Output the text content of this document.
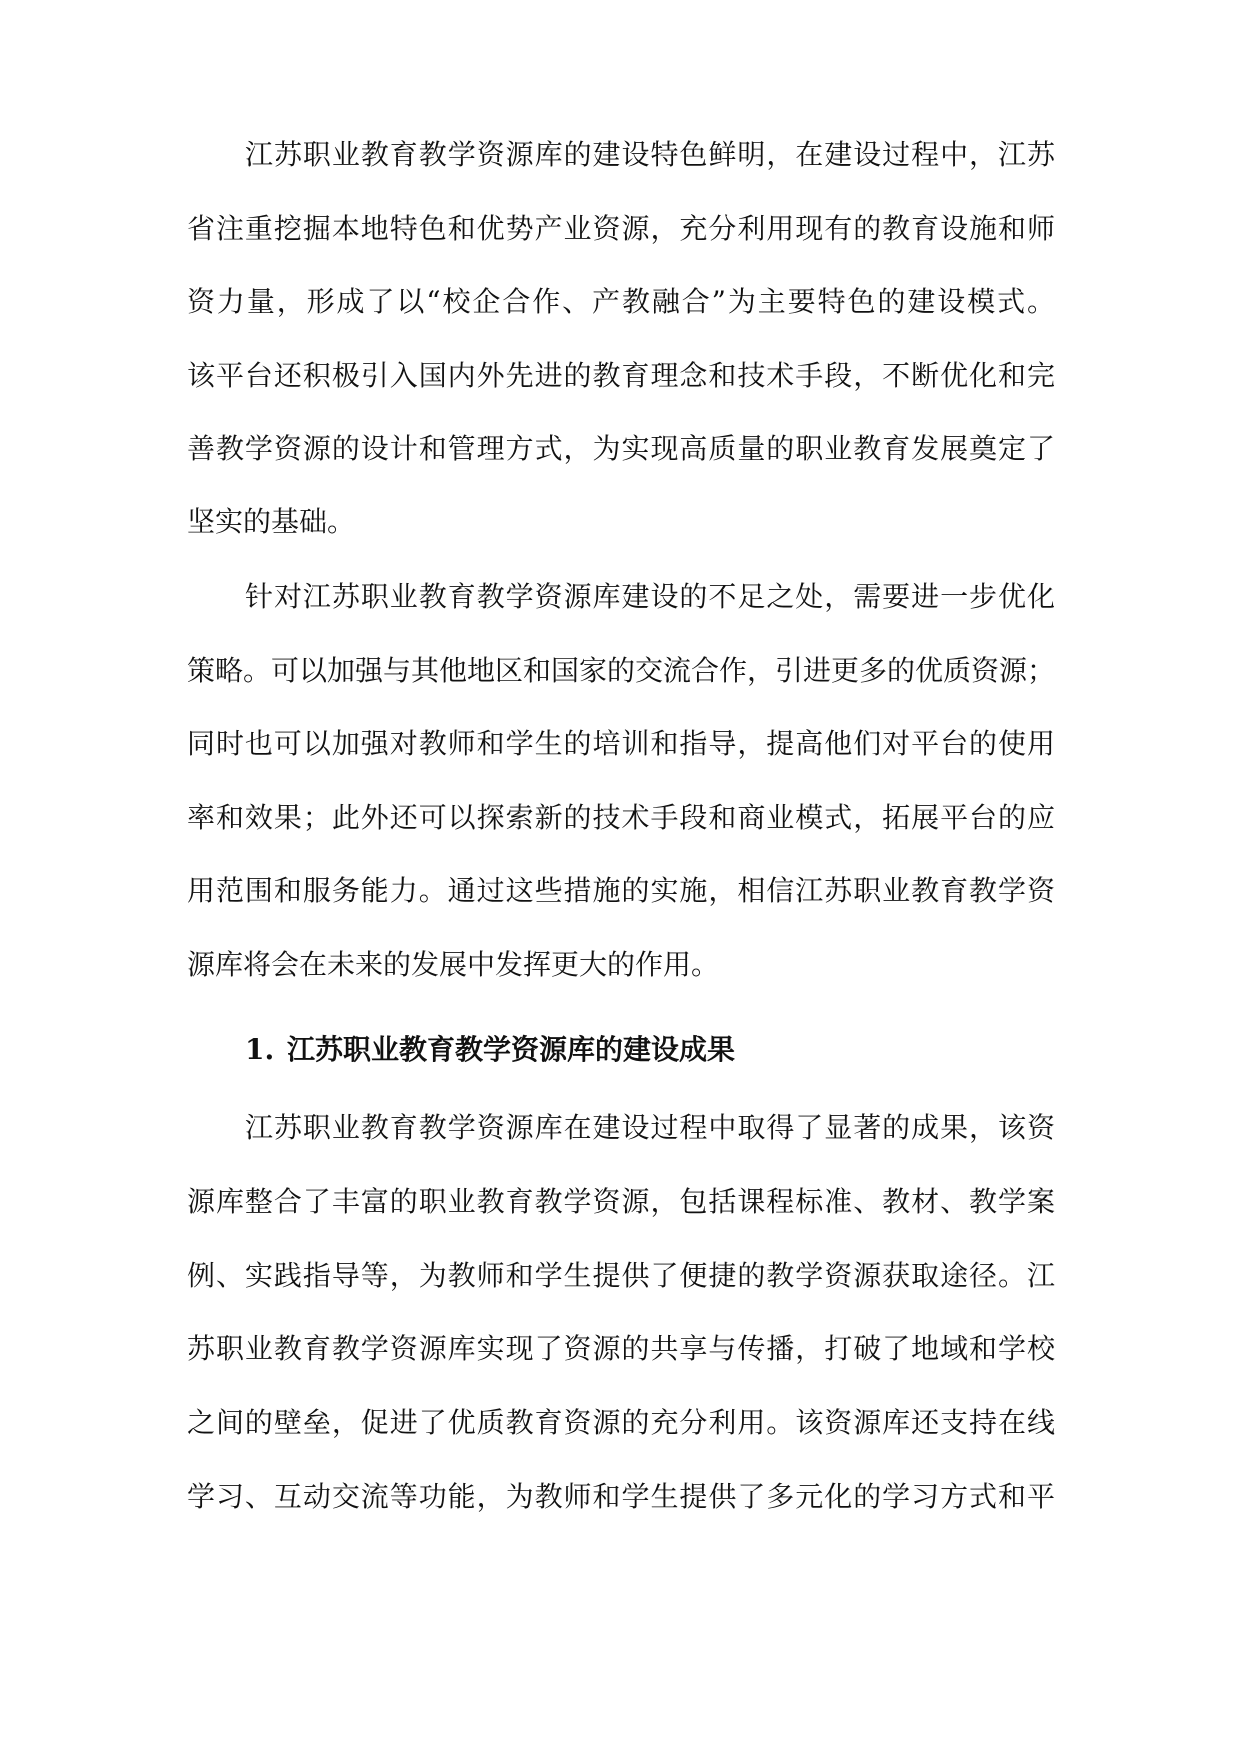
江苏职业教育教学资源库的建设特色鲜明，在建设过程中，江苏
省注重挖掘本地特色和优势产业资源，充分利用现有的教育设施和师
资力量，形成了以“校企合作、产教融合”为主要特色的建设模式。
该平台还积极引入国内外先进的教育理念和技术手段，不断优化和完
善教学资源的设计和管理方式，为实现高质量的职业教育发展奠定了
坚实的基础。
针对江苏职业教育教学资源库建设的不足之处，需要进一步优化
策略。可以加强与其他地区和国家的交流合作，引进更多的优质资源；
同时也可以加强对教师和学生的培训和指导，提高他们对平台的使用
率和效果；此外还可以探索新的技术手段和商业模式，拓展平台的应
用范围和服务能力。通过这些措施的实施，相信江苏职业教育教学资
源库将会在未来的发展中发挥更大的作用。
1. 江苏职业教育教学资源库的建设成果
江苏职业教育教学资源库在建设过程中取得了显著的成果，该资
源库整合了丰富的职业教育教学资源，包括课程标准、教材、教学案
例、实践指导等，为教师和学生提供了便捷的教学资源获取途径。江
苏职业教育教学资源库实现了资源的共享与传播，打破了地域和学校
之间的壁垒，促进了优质教育资源的充分利用。该资源库还支持在线
学习、互动交流等功能，为教师和学生提供了多元化的学习方式和平
